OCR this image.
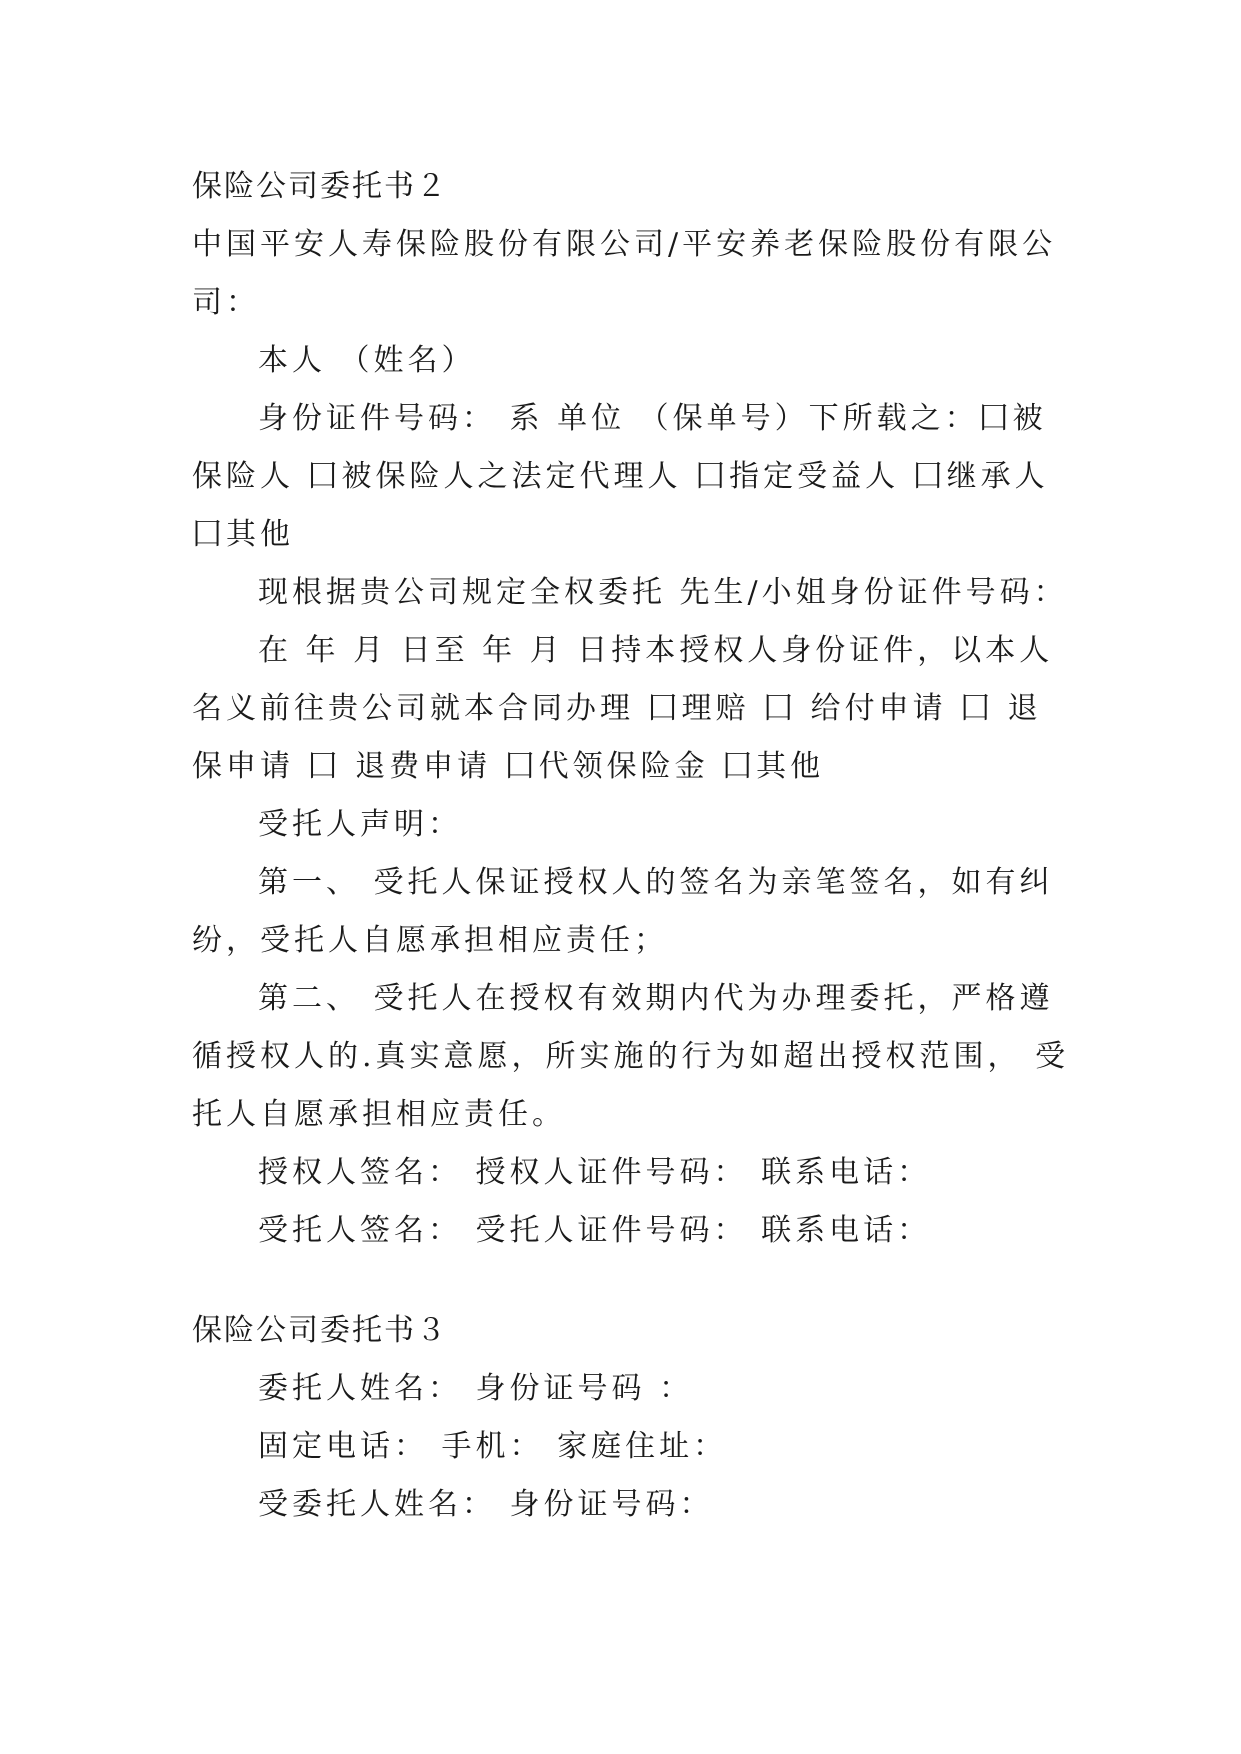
保险公司委托书２

中国平安人寿保险股份有限公司/平安养老保险股份有限公

司：

本人 （姓名）

身份证件号码： 系 单位 （保单号）下所载之：囗被

保险人 囗被保险人之法定代理人 囗指定受益人 囗继承人

囗其他

现根据贵公司规定全权委托 先生/小姐身份证件号码：

在 年 月 日至 年 月 日持本授权人身份证件，以本人

名义前往贵公司就本合同办理 囗理赔 囗 给付申请 囗 退

保申请 囗 退费申请 囗代领保险金 囗其他

受托人声明：

第一、 受托人保证授权人的签名为亲笔签名，如有纠

纷，受托人自愿承担相应责任；

第二、 受托人在授权有效期内代为办理委托，严格遵

循授权人的.真实意愿，所实施的行为如超出授权范围， 受

托人自愿承担相应责任。

授权人签名： 授权人证件号码： 联系电话：

受托人签名： 受托人证件号码： 联系电话：

保险公司委托书３

委托人姓名： 身份证号码 ：

固定电话： 手机： 家庭住址：

受委托人姓名： 身份证号码：
